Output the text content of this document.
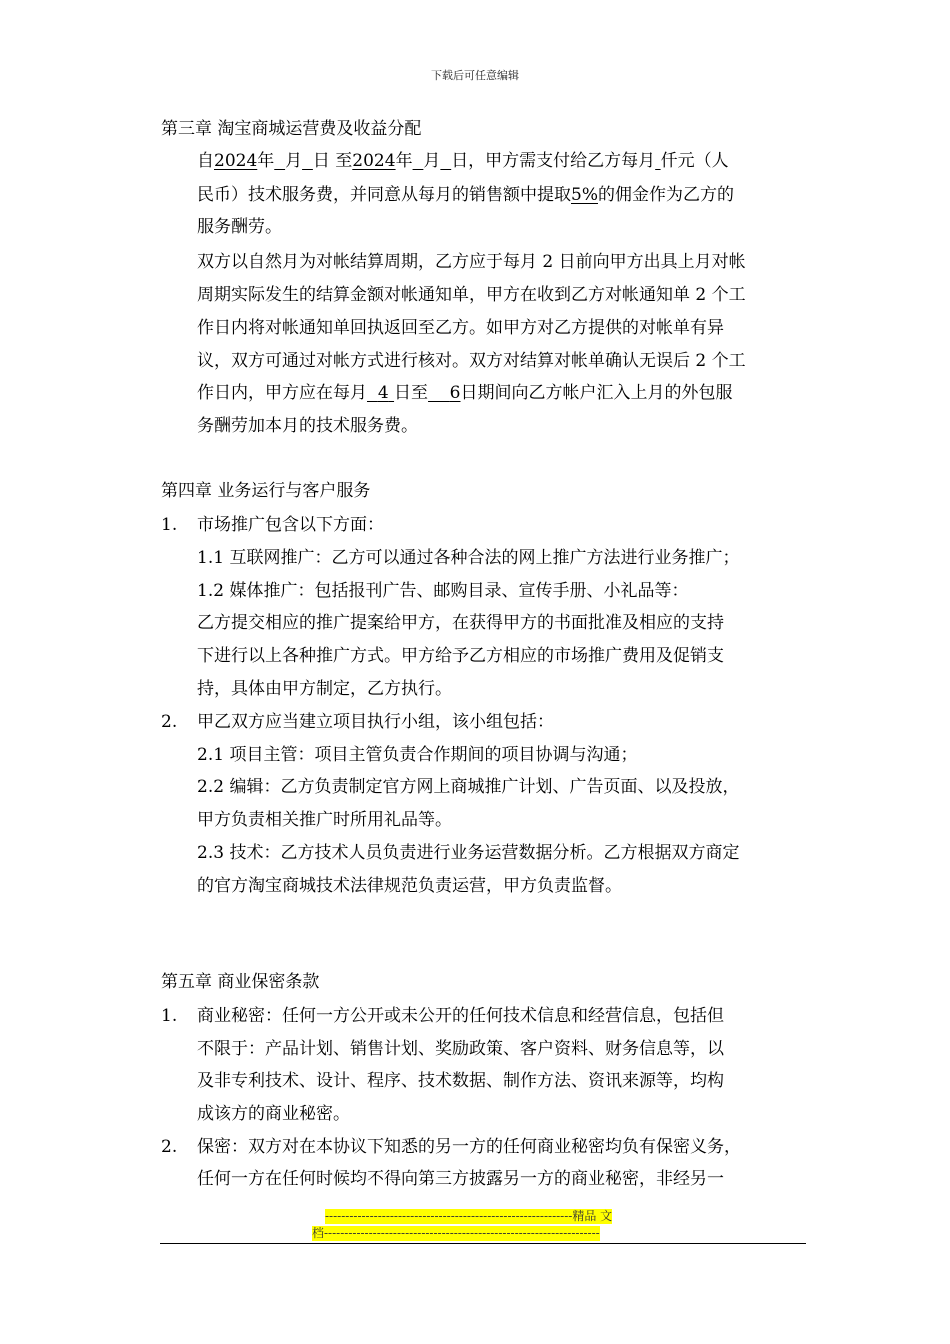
下载后可任意编辑
第三章 淘宝商城运营费及收益分配
自2024年 月 日 至2024年 月 日，甲方需支付给乙方每月 仟元（人
民币）技术服务费，并同意从每月的销售额中提取5%的佣金作为乙方的
服务酬劳。
双方以自然月为对帐结算周期，乙方应于每月 2 日前向甲方出具上月对帐
周期实际发生的结算金额对帐通知单，甲方在收到乙方对帐通知单 2 个工
作日内将对帐通知单回执返回至乙方。如甲方对乙方提供的对帐单有异
议，双方可通过对帐方式进行核对。双方对结算对帐单确认无误后 2 个工
作日内，甲方应在每月 4 日至 6日期间向乙方帐户汇入上月的外包服
务酬劳加本月的技术服务费。
第四章 业务运行与客户服务
1. 市场推广包含以下方面：
1.1 互联网推广：乙方可以通过各种合法的网上推广方法进行业务推广；
1.2 媒体推广：包括报刊广告、邮购目录、宣传手册、小礼品等：
乙方提交相应的推广提案给甲方，在获得甲方的书面批准及相应的支持
下进行以上各种推广方式。甲方给予乙方相应的市场推广费用及促销支
持，具体由甲方制定，乙方执行。
2. 甲乙双方应当建立项目执行小组，该小组包括：
2.1 项目主管：项目主管负责合作期间的项目协调与沟通；
2.2 编辑：乙方负责制定官方网上商城推广计划、广告页面、以及投放，
甲方负责相关推广时所用礼品等。
2.3 技术：乙方技术人员负责进行业务运营数据分析。乙方根据双方商定
的官方淘宝商城技术法律规范负责运营，甲方负责监督。
第五章 商业保密条款
1. 商业秘密：任何一方公开或未公开的任何技术信息和经营信息，包括但
不限于：产品计划、销售计划、奖励政策、客户资料、财务信息等，以
及非专利技术、设计、程序、技术数据、制作方法、资讯来源等，均构
成该方的商业秘密。
2. 保密：双方对在本协议下知悉的另一方的任何商业秘密均负有保密义务，
任何一方在任何时候均不得向第三方披露另一方的商业秘密，非经另一
-------------------------------------------------------------精品 文
档--------------------------------------------------------------------
